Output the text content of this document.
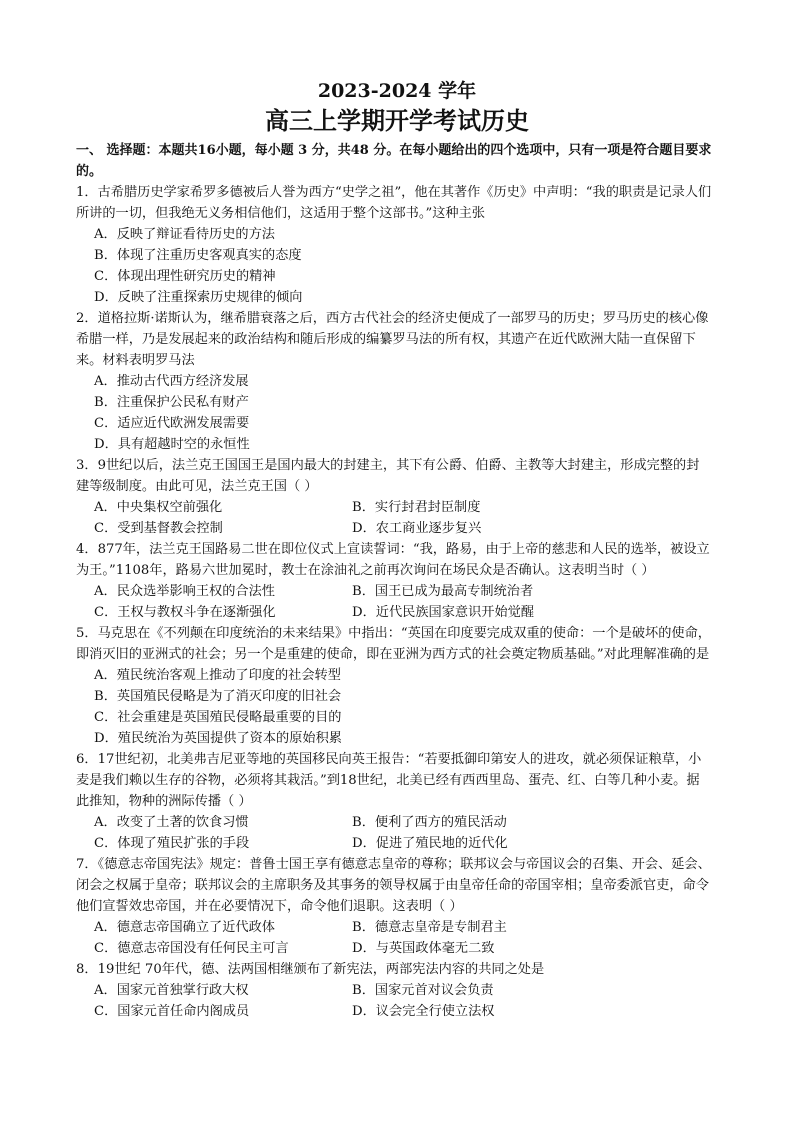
2023-2024 学年
高三上学期开学考试历史
一、 选择题：本题共16小题，每小题 3 分，共48 分。在每小题给出的四个选项中，只有一项是符合题目要求的。
1．古希腊历史学家希罗多德被后人誉为西方“史学之祖”，他在其著作《历史》中声明：“我的职责是记录人们所讲的一切，但我绝无义务相信他们，这适用于整个这部书。”这种主张
A．反映了辩证看待历史的方法
B．体现了注重历史客观真实的态度
C．体现出理性研究历史的精神
D．反映了注重探索历史规律的倾向
2．道格拉斯·诺斯认为，继希腊衰落之后，西方古代社会的经济史便成了一部罗马的历史；罗马历史的核心像希腊一样，乃是发展起来的政治结构和随后形成的编纂罗马法的所有权，其遗产在近代欧洲大陆一直保留下来。材料表明罗马法
A．推动古代西方经济发展
B．注重保护公民私有财产
C．适应近代欧洲发展需要
D．具有超越时空的永恒性
3．9世纪以后，法兰克王国国王是国内最大的封建主，其下有公爵、伯爵、主教等大封建主，形成完整的封建等级制度。由此可见，法兰克王国（ ）
A．中央集权空前强化	B．实行封君封臣制度
C．受到基督教会控制	D．农工商业逐步复兴
4．877年，法兰克王国路易二世在即位仪式上宣读誓词：“我，路易，由于上帝的慈悲和人民的选举，被设立为王。”1108年，路易六世加冕时，教士在涂油礼之前再次询问在场民众是否确认。这表明当时（ ）
A．民众选举影响王权的合法性	B．国王已成为最高专制统治者
C．王权与教权斗争在逐渐强化	D．近代民族国家意识开始觉醒
5．马克思在《不列颠在印度统治的未来结果》中指出：“英国在印度要完成双重的使命：一个是破坏的使命，即消灭旧的亚洲式的社会；另一个是重建的使命，即在亚洲为西方式的社会奠定物质基础。”对此理解准确的是
A．殖民统治客观上推动了印度的社会转型
B．英国殖民侵略是为了消灭印度的旧社会
C．社会重建是英国殖民侵略最重要的目的
D．殖民统治为英国提供了资本的原始积累
6．17世纪初，北美弗吉尼亚等地的英国移民向英王报告：“若要抵御印第安人的进攻，就必须保证粮草，小麦是我们赖以生存的谷物，必须将其栽活。”到18世纪，北美已经有西西里岛、蛋壳、红、白等几种小麦。据此推知，物种的洲际传播（ ）
A．改变了土著的饮食习惯	B．便利了西方的殖民活动
C．体现了殖民扩张的手段	D．促进了殖民地的近代化
7．《德意志帝国宪法》规定：普鲁士国王享有德意志皇帝的尊称；联邦议会与帝国议会的召集、开会、延会、闭会之权属于皇帝；联邦议会的主席职务及其事务的领导权属于由皇帝任命的帝国宰相；皇帝委派官吏，命令他们宣誓效忠帝国，并在必要情况下，命令他们退职。这表明（ ）
A．德意志帝国确立了近代政体	B．德意志皇帝是专制君主
C．德意志帝国没有任何民主可言	D．与英国政体毫无二致
8．19世纪 70年代，德、法两国相继颁布了新宪法，两部宪法内容的共同之处是
A．国家元首独掌行政大权	B．国家元首对议会负责
C．国家元首任命内阁成员	D．议会完全行使立法权
